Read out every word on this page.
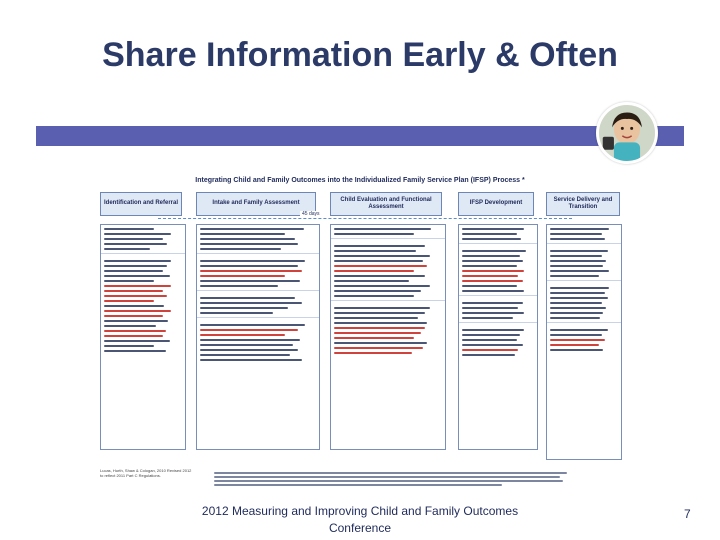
Share Information Early & Often
Integrating Child and Family Outcomes into the Individualized Family Service Plan (IFSP) Process *
Identification and Referral	Intake and Family Assessment
Child Evaluation and Functional Assessment
IFSP Development
Service Delivery and Transition
45 days
Lucas, Hurth, Shaw & Cologan, 2010 Revised 2012 to reflect 2011 Part C Regulations.
2012 Measuring and Improving Child and Family Outcomes Conference
7
